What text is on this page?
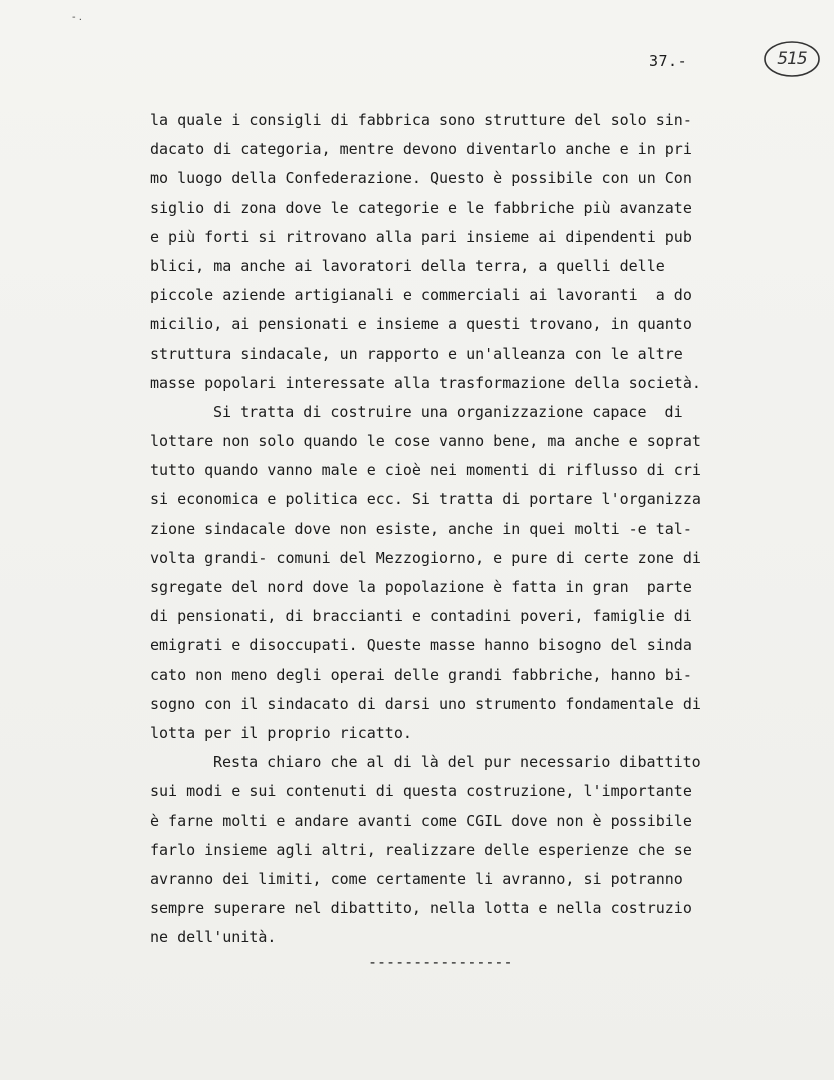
- .
37.-	515
la quale i consigli di fabbrica sono strutture del solo sin-
dacato di categoria, mentre devono diventarlo anche e in pri
mo luogo della Confederazione. Questo è possibile con un Con
siglio di zona dove le categorie e le fabbriche più avanzate
e più forti si ritrovano alla pari insieme ai dipendenti pub
blici, ma anche ai lavoratori della terra, a quelli delle
piccole aziende artigianali e commerciali ai lavoranti  a do
micilio, ai pensionati e insieme a questi trovano, in quanto
struttura sindacale, un rapporto e un'alleanza con le altre
masse popolari interessate alla trasformazione della società.
Si tratta di costruire una organizzazione capace  di
lottare non solo quando le cose vanno bene, ma anche e soprat
tutto quando vanno male e cioè nei momenti di riflusso di cri
si economica e politica ecc. Si tratta di portare l'organizza
zione sindacale dove non esiste, anche in quei molti -e tal-
volta grandi- comuni del Mezzogiorno, e pure di certe zone di
sgregate del nord dove la popolazione è fatta in gran  parte
di pensionati, di braccianti e contadini poveri, famiglie di
emigrati e disoccupati. Queste masse hanno bisogno del sinda
cato non meno degli operai delle grandi fabbriche, hanno bi-
sogno con il sindacato di darsi uno strumento fondamentale di
lotta per il proprio ricatto.
Resta chiaro che al di là del pur necessario dibattito
sui modi e sui contenuti di questa costruzione, l'importante
è farne molti e andare avanti come CGIL dove non è possibile
farlo insieme agli altri, realizzare delle esperienze che se
avranno dei limiti, come certamente li avranno, si potranno
sempre superare nel dibattito, nella lotta e nella costruzio
ne dell'unità.
----------------
